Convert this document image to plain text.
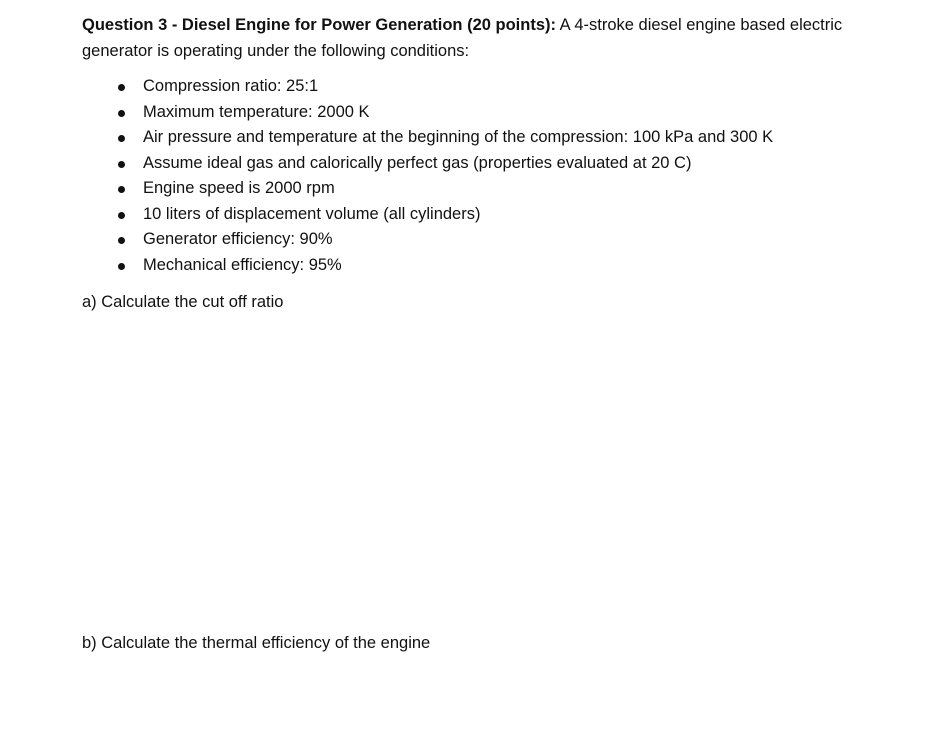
Question 3 - Diesel Engine for Power Generation (20 points): A 4-stroke diesel engine based electric generator is operating under the following conditions:

Compression ratio: 25:1
Maximum temperature: 2000 K
Air pressure and temperature at the beginning of the compression: 100 kPa and 300 K
Assume ideal gas and calorically perfect gas (properties evaluated at 20 C)
Engine speed is 2000 rpm
10 liters of displacement volume (all cylinders)
Generator efficiency: 90%
Mechanical efficiency: 95%

a) Calculate the cut off ratio

b) Calculate the thermal efficiency of the engine
